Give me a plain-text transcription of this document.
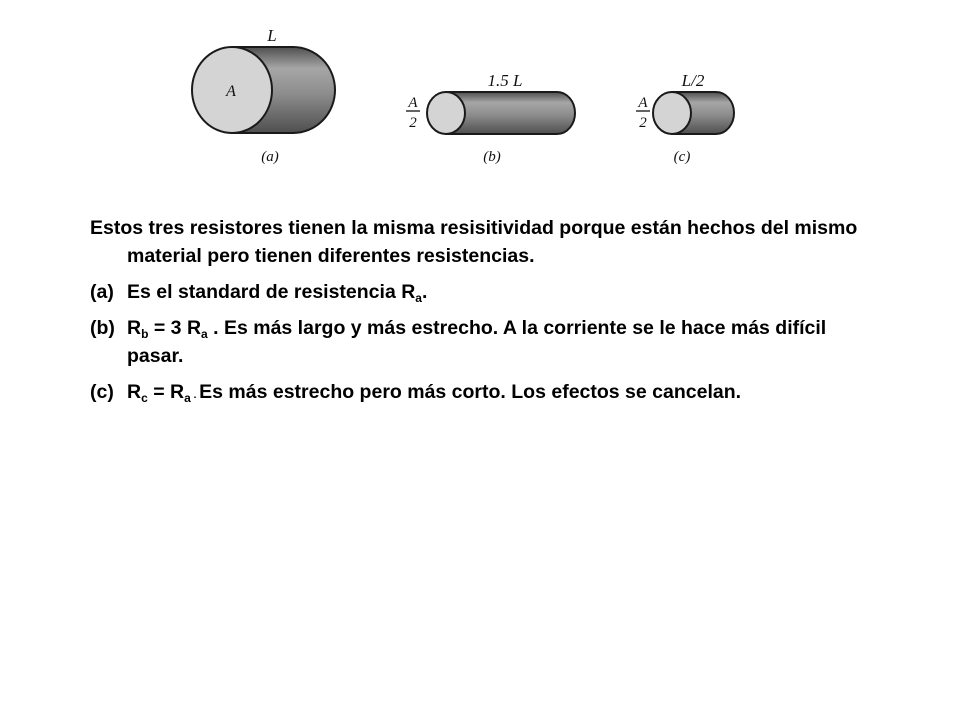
L
A
(a)
1.5 L
A
2
(b)
L/2
A
2
(c)

Estos tres resistores tienen la misma resisitividad porque están hechos del mismo material pero tienen diferentes resistencias.

(a) Es el standard de resistencia $R_a$.

(b) $R_b = 3$ $R_a$ . Es más largo y más estrecho. A la corriente se le hace más difícil pasar.

(c) $R_c = R_a$ . Es más estrecho pero más corto. Los efectos se cancelan.
